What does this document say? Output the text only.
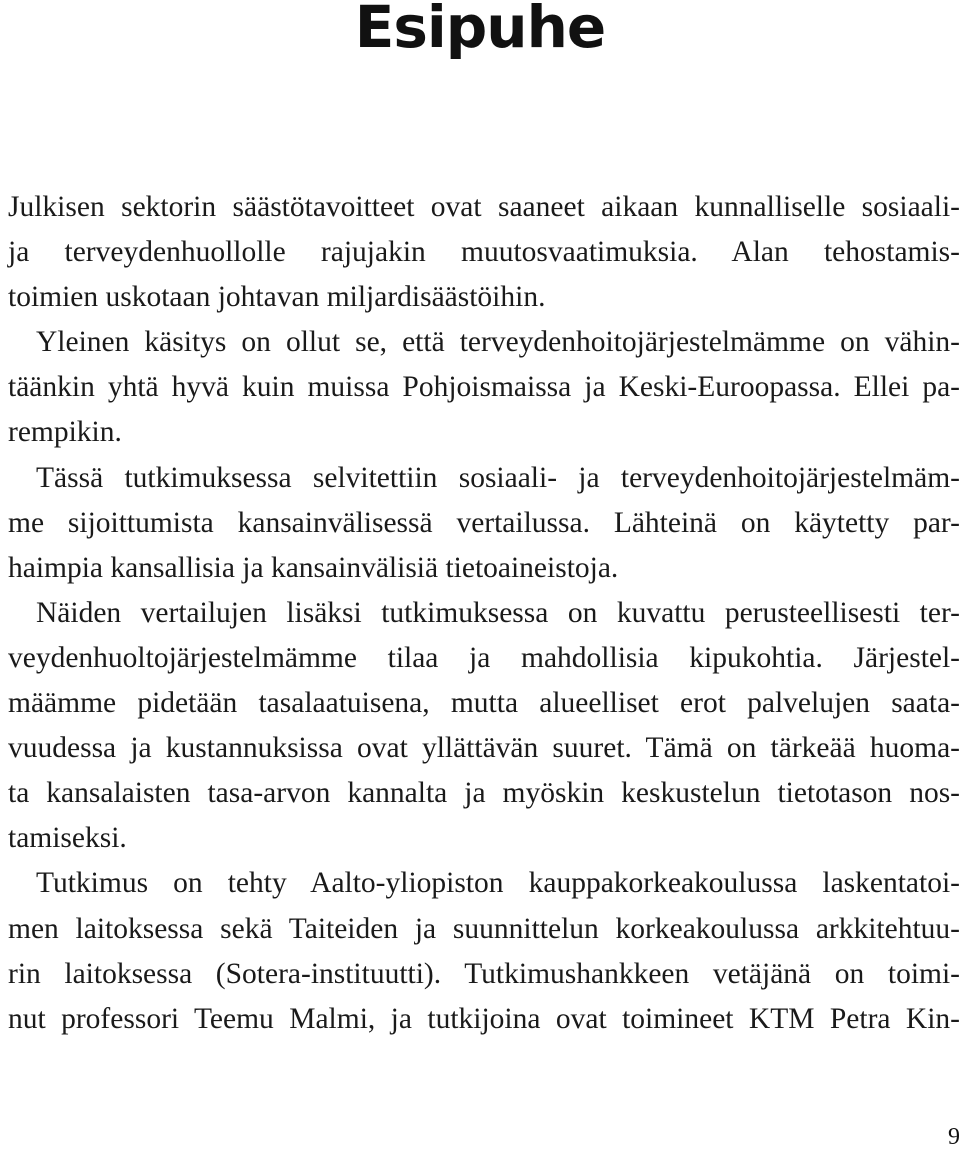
Esipuhe

Julkisen sektorin säästötavoitteet ovat saaneet aikaan kunnalliselle sosiaali-
ja terveydenhuollolle rajujakin muutosvaatimuksia. Alan tehostamis-
toimien uskotaan johtavan miljardisäästöihin.

Yleinen käsitys on ollut se, että terveydenhoitojärjestelmämme on vähin-
täänkin yhtä hyvä kuin muissa Pohjoismaissa ja Keski-Euroopassa. Ellei pa-
rempikin.

Tässä tutkimuksessa selvitettiin sosiaali- ja terveydenhoitojärjestelmäm-
me sijoittumista kansainvälisessä vertailussa. Lähteinä on käytetty par-
haimpia kansallisia ja kansainvälisiä tietoaineistoja.

Näiden vertailujen lisäksi tutkimuksessa on kuvattu perusteellisesti ter-
veydenhuoltojärjestelmämme tilaa ja mahdollisia kipukohtia. Järjestel-
määmme pidetään tasalaatuisena, mutta alueelliset erot palvelujen saata-
vuudessa ja kustannuksissa ovat yllättävän suuret. Tämä on tärkeää huoma-
ta kansalaisten tasa-arvon kannalta ja myöskin keskustelun tietotason nos-
tamiseksi.

Tutkimus on tehty Aalto-yliopiston kauppakorkeakoulussa laskentatoi-
men laitoksessa sekä Taiteiden ja suunnittelun korkeakoulussa arkkitehtuu-
rin laitoksessa (Sotera-instituutti). Tutkimushankkeen vetäjänä on toimi-
nut professori Teemu Malmi, ja tutkijoina ovat toimineet KTM Petra Kin-

9
